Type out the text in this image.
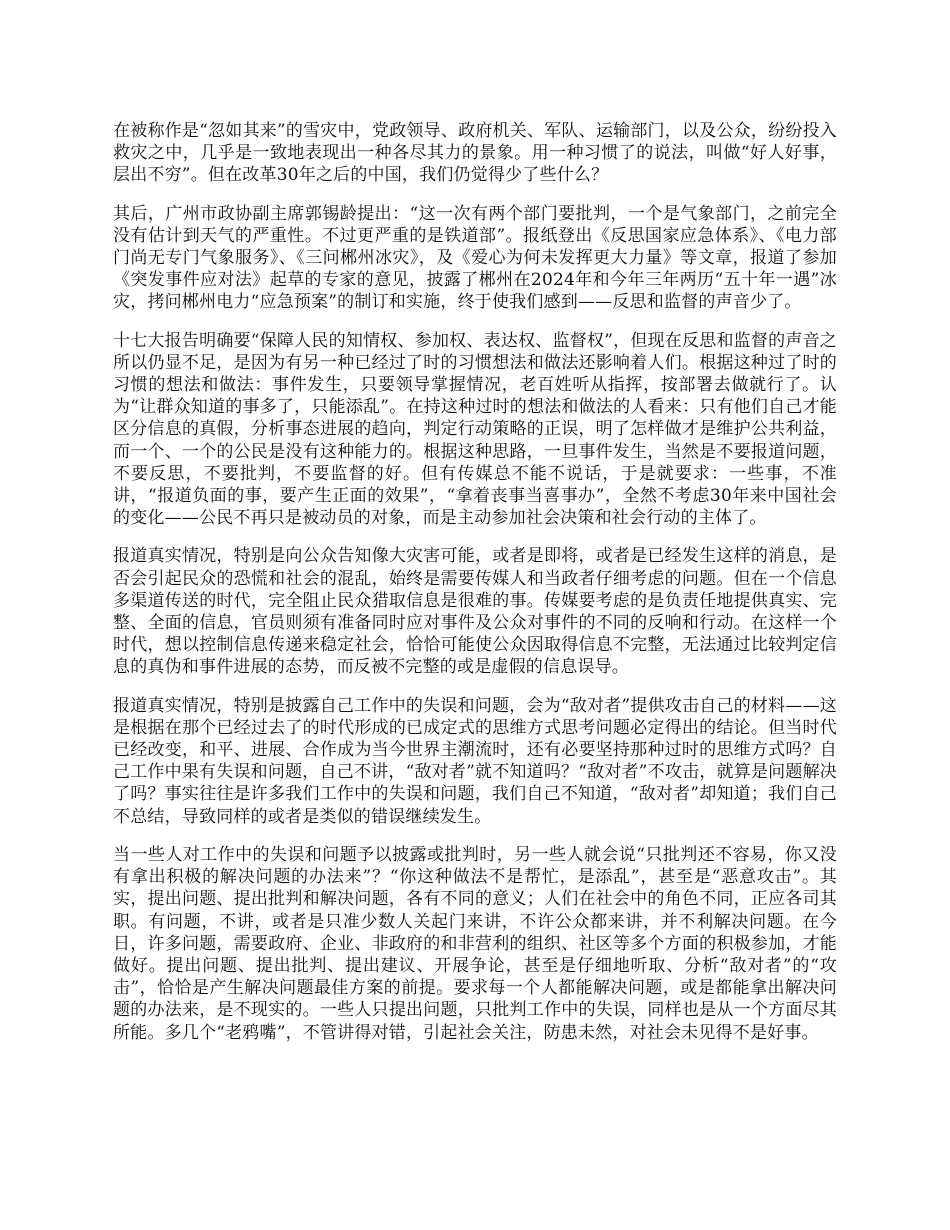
在被称作是“忽如其来”的雪灾中，党政领导、政府机关、军队、运输部门，以及公众，纷纷投入救灾之中，几乎是一致地表现出一种各尽其力的景象。用一种习惯了的说法，叫做“好人好事，层出不穷”。但在改革30年之后的中国，我们仍觉得少了些什么？

其后，广州市政协副主席郭锡龄提出：“这一次有两个部门要批判，一个是气象部门，之前完全没有估计到天气的严重性。不过更严重的是铁道部”。报纸登出《反思国家应急体系》、《电力部门尚无专门气象服务》、《三问郴州冰灾》，及《爱心为何未发挥更大力量》等文章，报道了参加《突发事件应对法》起草的专家的意见，披露了郴州在2024年和今年三年两历“五十年一遇”冰灾，拷问郴州电力“应急预案”的制订和实施，终于使我们感到——反思和监督的声音少了。

十七大报告明确要“保障人民的知情权、参加权、表达权、监督权”，但现在反思和监督的声音之所以仍显不足，是因为有另一种已经过了时的习惯想法和做法还影响着人们。根据这种过了时的习惯的想法和做法：事件发生，只要领导掌握情况，老百姓听从指挥，按部署去做就行了。认为“让群众知道的事多了，只能添乱”。在持这种过时的想法和做法的人看来：只有他们自己才能区分信息的真假，分析事态进展的趋向，判定行动策略的正误，明了怎样做才是维护公共利益，而一个、一个的公民是没有这种能力的。根据这种思路，一旦事件发生，当然是不要报道问题，不要反思，不要批判，不要监督的好。但有传媒总不能不说话，于是就要求：一些事，不准讲，“报道负面的事，要产生正面的效果”，“拿着丧事当喜事办”，全然不考虑30年来中国社会的变化——公民不再只是被动员的对象，而是主动参加社会决策和社会行动的主体了。

报道真实情况，特别是向公众告知像大灾害可能，或者是即将，或者是已经发生这样的消息，是否会引起民众的恐慌和社会的混乱，始终是需要传媒人和当政者仔细考虑的问题。但在一个信息多渠道传送的时代，完全阻止民众猎取信息是很难的事。传媒要考虑的是负责任地提供真实、完整、全面的信息，官员则须有准备同时应对事件及公众对事件的不同的反响和行动。在这样一个时代，想以控制信息传递来稳定社会，恰恰可能使公众因取得信息不完整，无法通过比较判定信息的真伪和事件进展的态势，而反被不完整的或是虚假的信息误导。

报道真实情况，特别是披露自己工作中的失误和问题，会为“敌对者”提供攻击自己的材料——这是根据在那个已经过去了的时代形成的已成定式的思维方式思考问题必定得出的结论。但当时代已经改变，和平、进展、合作成为当今世界主潮流时，还有必要坚持那种过时的思维方式吗？自己工作中果有失误和问题，自己不讲，“敌对者”就不知道吗？“敌对者”不攻击，就算是问题解决了吗？事实往往是许多我们工作中的失误和问题，我们自己不知道，“敌对者”却知道；我们自己不总结，导致同样的或者是类似的错误继续发生。

当一些人对工作中的失误和问题予以披露或批判时，另一些人就会说“只批判还不容易，你又没有拿出积极的解决问题的办法来”？“你这种做法不是帮忙，是添乱”，甚至是“恶意攻击”。其实，提出问题、提出批判和解决问题，各有不同的意义；人们在社会中的角色不同，正应各司其职。有问题，不讲，或者是只准少数人关起门来讲，不许公众都来讲，并不利解决问题。在今日，许多问题，需要政府、企业、非政府的和非营利的组织、社区等多个方面的积极参加，才能做好。提出问题、提出批判、提出建议、开展争论，甚至是仔细地听取、分析“敌对者”的“攻击”，恰恰是产生解决问题最佳方案的前提。要求每一个人都能解决问题，或是都能拿出解决问题的办法来，是不现实的。一些人只提出问题，只批判工作中的失误，同样也是从一个方面尽其所能。多几个“老鸦嘴”，不管讲得对错，引起社会关注，防患未然，对社会未见得不是好事。
